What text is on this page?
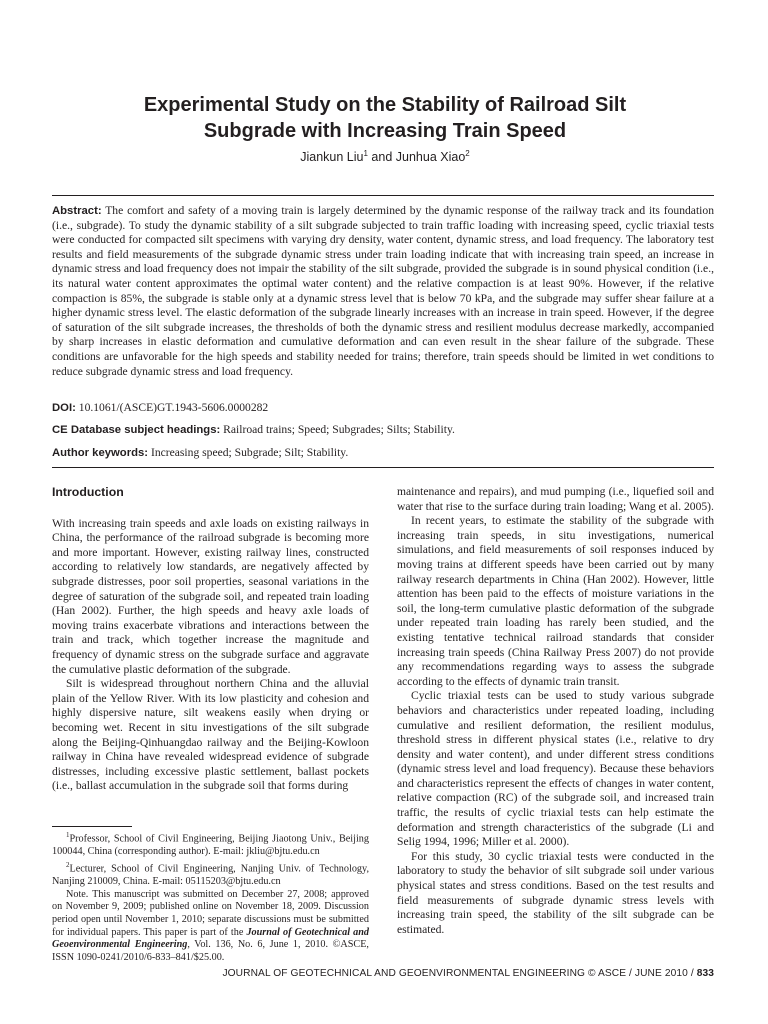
Experimental Study on the Stability of Railroad Silt
Subgrade with Increasing Train Speed
Jiankun Liu$^1$ and Junhua Xiao$^2$
Abstract: The comfort and safety of a moving train is largely determined by the dynamic response of the railway track and its foundation (i.e., subgrade). To study the dynamic stability of a silt subgrade subjected to train traffic loading with increasing speed, cyclic triaxial tests were conducted for compacted silt specimens with varying dry density, water content, dynamic stress, and load frequency. The laboratory test results and field measurements of the subgrade dynamic stress under train loading indicate that with increasing train speed, an increase in dynamic stress and load frequency does not impair the stability of the silt subgrade, provided the subgrade is in sound physical condition (i.e., its natural water content approximates the optimal water content) and the relative compaction is at least 90%. However, if the relative compaction is 85%, the subgrade is stable only at a dynamic stress level that is below 70 kPa, and the subgrade may suffer shear failure at a higher dynamic stress level. The elastic deformation of the subgrade linearly increases with an increase in train speed. However, if the degree of saturation of the silt subgrade increases, the thresholds of both the dynamic stress and resilient modulus decrease markedly, accompanied by sharp increases in elastic deformation and cumulative deformation and can even result in the shear failure of the subgrade. These conditions are unfavorable for the high speeds and stability needed for trains; therefore, train speeds should be limited in wet conditions to reduce subgrade dynamic stress and load frequency.
DOI: 10.1061/(ASCE)GT.1943-5606.0000282
CE Database subject headings: Railroad trains; Speed; Subgrades; Silts; Stability.
Author keywords: Increasing speed; Subgrade; Silt; Stability.

Introduction

With increasing train speeds and axle loads on existing railways in China, the performance of the railroad subgrade is becoming more and more important. However, existing railway lines, constructed according to relatively low standards, are negatively affected by subgrade distresses, poor soil properties, seasonal variations in the degree of saturation of the subgrade soil, and repeated train loading (Han 2002). Further, the high speeds and heavy axle loads of moving trains exacerbate vibrations and interactions between the train and track, which together increase the magnitude and frequency of dynamic stress on the subgrade surface and aggravate the cumulative plastic deformation of the subgrade.

Silt is widespread throughout northern China and the alluvial plain of the Yellow River. With its low plasticity and cohesion and highly dispersive nature, silt weakens easily when drying or becoming wet. Recent in situ investigations of the silt subgrade along the Beijing-Qinhuangdao railway and the Beijing-Kowloon railway in China have revealed widespread evidence of subgrade distresses, including excessive plastic settlement, ballast pockets (i.e., ballast accumulation in the subgrade soil that forms during

$^1$Professor, School of Civil Engineering, Beijing Jiaotong Univ., Beijing 100044, China (corresponding author). E-mail: jkliu@bjtu.edu.cn

$^2$Lecturer, School of Civil Engineering, Nanjing Univ. of Technology, Nanjing 210009, China. E-mail: 05115203@bjtu.edu.cn

Note. This manuscript was submitted on December 27, 2008; approved on November 9, 2009; published online on November 18, 2009. Discussion period open until November 1, 2010; separate discussions must be submitted for individual papers. This paper is part of the Journal of Geotechnical and Geoenvironmental Engineering, Vol. 136, No. 6, June 1, 2010. ©ASCE, ISSN 1090-0241/2010/6-833–841/$25.00.

maintenance and repairs), and mud pumping (i.e., liquefied soil and water that rise to the surface during train loading; Wang et al. 2005).

In recent years, to estimate the stability of the subgrade with increasing train speeds, in situ investigations, numerical simulations, and field measurements of soil responses induced by moving trains at different speeds have been carried out by many railway research departments in China (Han 2002). However, little attention has been paid to the effects of moisture variations in the soil, the long-term cumulative plastic deformation of the subgrade under repeated train loading has rarely been studied, and the existing tentative technical railroad standards that consider increasing train speeds (China Railway Press 2007) do not provide any recommendations regarding ways to assess the subgrade according to the effects of dynamic train transit.

Cyclic triaxial tests can be used to study various subgrade behaviors and characteristics under repeated loading, including cumulative and resilient deformation, the resilient modulus, threshold stress in different physical states (i.e., relative to dry density and water content), and under different stress conditions (dynamic stress level and load frequency). Because these behaviors and characteristics represent the effects of changes in water content, relative compaction (RC) of the subgrade soil, and increased train traffic, the results of cyclic triaxial tests can help estimate the deformation and strength characteristics of the subgrade (Li and Selig 1994, 1996; Miller et al. 2000).

For this study, 30 cyclic triaxial tests were conducted in the laboratory to study the behavior of silt subgrade soil under various physical states and stress conditions. Based on the test results and field measurements of subgrade dynamic stress levels with increasing train speed, the stability of the silt subgrade can be estimated.

JOURNAL OF GEOTECHNICAL AND GEOENVIRONMENTAL ENGINEERING © ASCE / JUNE 2010 / 833
